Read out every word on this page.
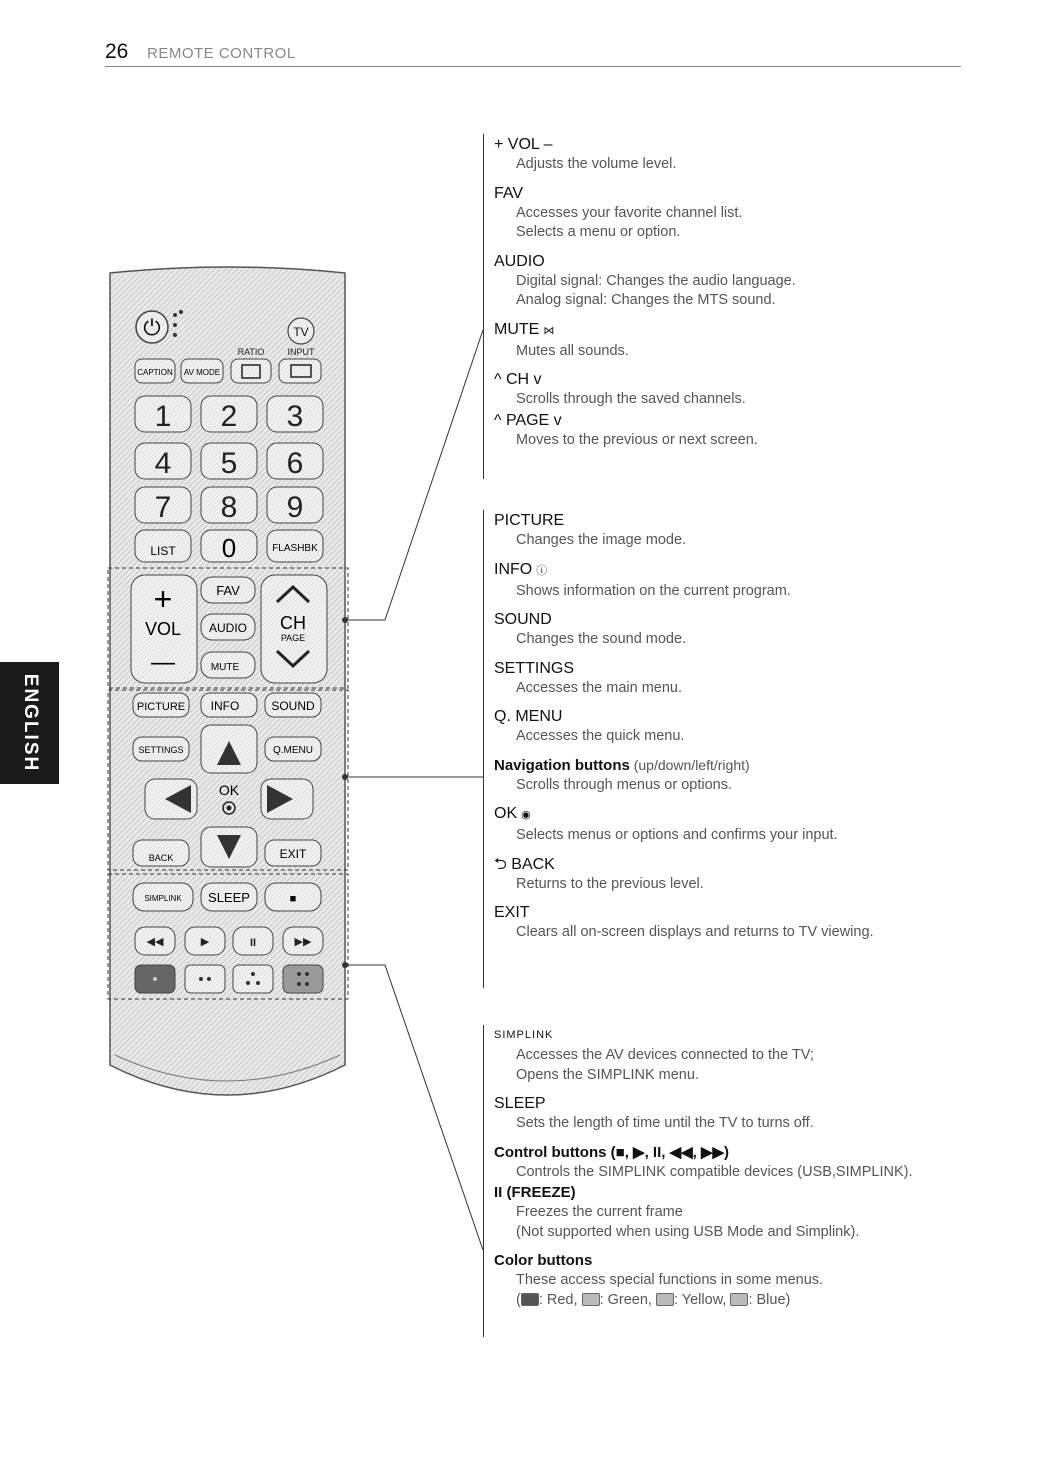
26 REMOTE CONTROL
ENGLISH
⏻	TV
RATIO	INPUT
CAPTION AV MODE
1 2 3
4 5 6
7 8 9
LIST 0	FLASHBK
+
VOL
—
FAV
AUDIO
MUTE
CH
PAGE
PICTURE INFO	SOUND
SETTINGS	Q.MENU
OK
BACK	EXIT
SIMPLINK SLEEP	■
◀◀	▶	II	▶▶
+ VOL –
Adjusts the volume level.
FAV
Accesses your favorite channel list.
Selects a menu or option.
AUDIO
Digital signal: Changes the audio language.
Analog signal: Changes the MTS sound.
MUTE ⋈
Mutes all sounds.
^ CH v
Scrolls through the saved channels.
^ PAGE v
Moves to the previous or next screen.
PICTURE
Changes the image mode.
INFO ⓘ
Shows information on the current program.
SOUND
Changes the sound mode.
SETTINGS
Accesses the main menu.
Q. MENU
Accesses the quick menu.
Navigation buttons (up/down/left/right)
Scrolls through menus or options.
OK ◉
Selects menus or options and confirms your input.
⮌ BACK
Returns to the previous level.
EXIT
Clears all on-screen displays and returns to TV viewing.
SIMPLINK
Accesses the AV devices connected to the TV;
Opens the SIMPLINK menu.
SLEEP
Sets the length of time until the TV to turns off.
Control buttons (■, ▶, II, ◀◀, ▶▶)
Controls the SIMPLINK compatible devices (USB,SIMPLINK).
II (FREEZE)
Freezes the current frame
(Not supported when using USB Mode and Simplink).
Color buttons
These access special functions in some menus.
( : Red, : Green, : Yellow, : Blue)
